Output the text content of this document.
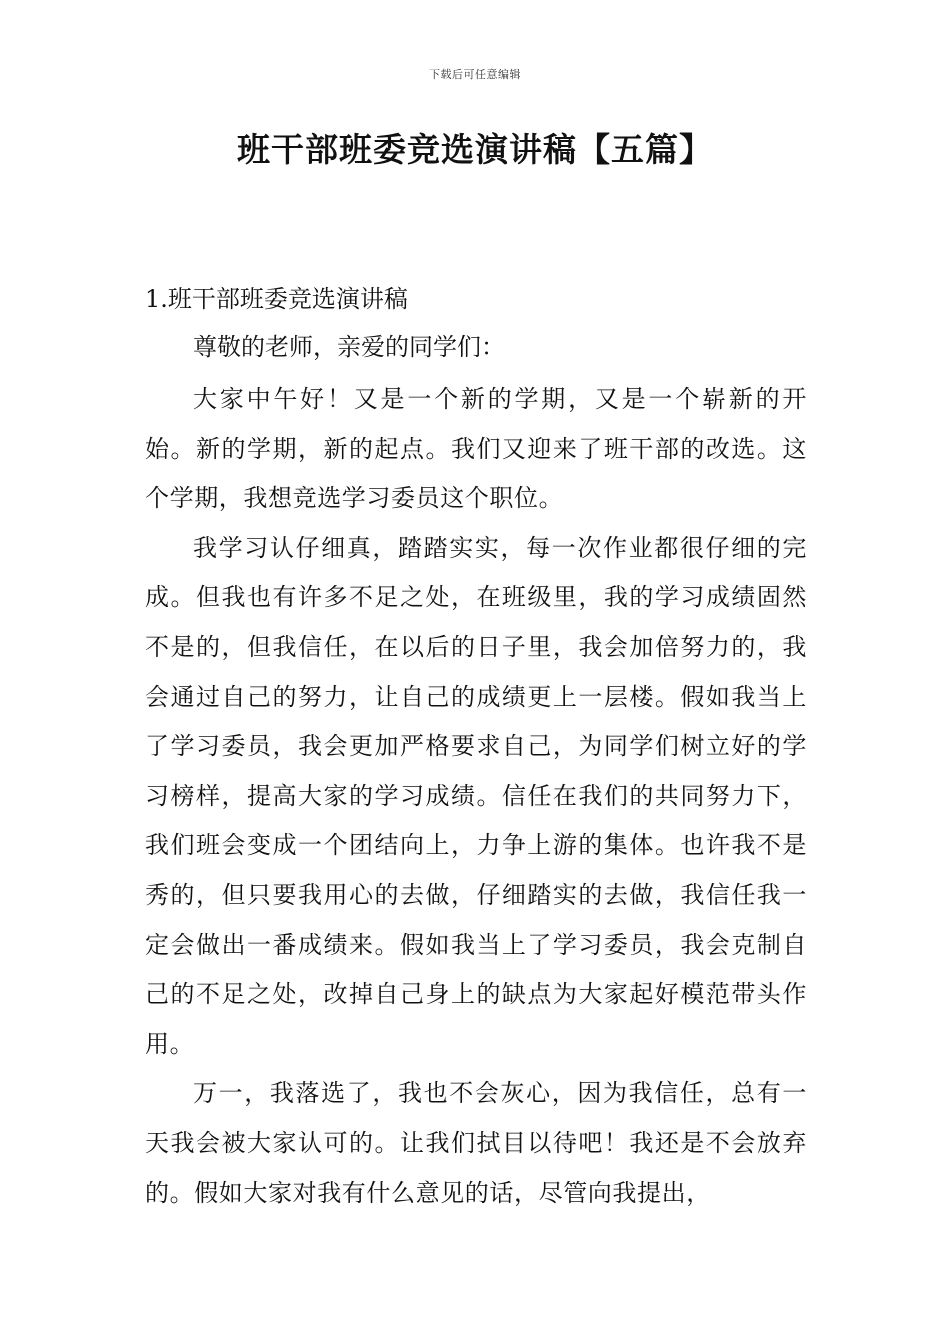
下载后可任意编辑
班干部班委竞选演讲稿【五篇】

1.班干部班委竞选演讲稿

尊敬的老师，亲爱的同学们：

大家中午好！又是一个新的学期，又是一个崭新的开始。新的学期，新的起点。我们又迎来了班干部的改选。这个学期，我想竞选学习委员这个职位。

我学习认仔细真，踏踏实实，每一次作业都很仔细的完成。但我也有许多不足之处，在班级里，我的学习成绩固然不是的，但我信任，在以后的日子里，我会加倍努力的，我会通过自己的努力，让自己的成绩更上一层楼。假如我当上了学习委员，我会更加严格要求自己，为同学们树立好的学习榜样，提高大家的学习成绩。信任在我们的共同努力下，我们班会变成一个团结向上，力争上游的集体。也许我不是秀的，但只要我用心的去做，仔细踏实的去做，我信任我一定会做出一番成绩来。假如我当上了学习委员，我会克制自己的不足之处，改掉自己身上的缺点为大家起好模范带头作用。

万一，我落选了，我也不会灰心，因为我信任，总有一天我会被大家认可的。让我们拭目以待吧！我还是不会放弃的。假如大家对我有什么意见的话，尽管向我提出，
